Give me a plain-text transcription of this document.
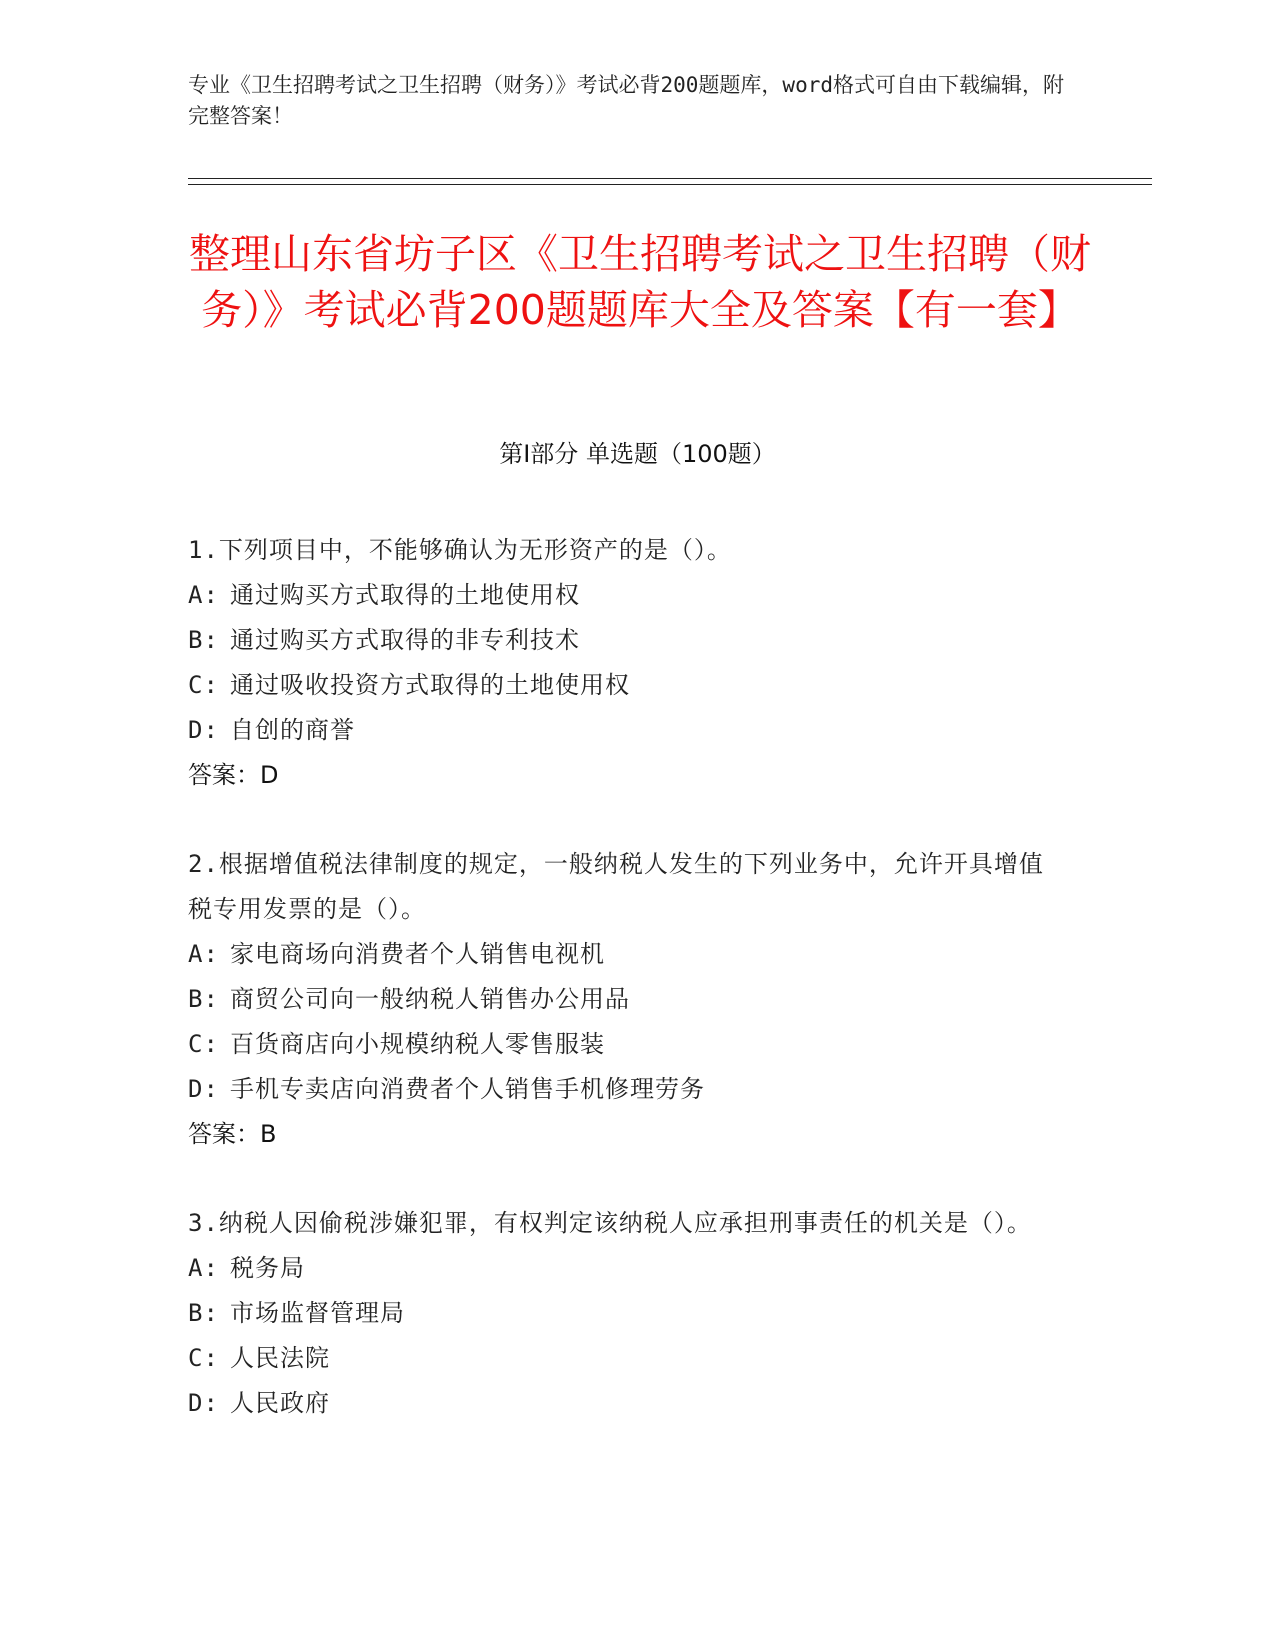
专业《卫生招聘考试之卫生招聘（财务）》考试必背200题题库，word格式可自由下载编辑，附完整答案！
整理山东省坊子区《卫生招聘考试之卫生招聘（财务）》考试必背200题题库大全及答案【有一套】
第Ⅰ部分 单选题（100题）
1.下列项目中，不能够确认为无形资产的是（）。
A: 通过购买方式取得的土地使用权
B: 通过购买方式取得的非专利技术
C: 通过吸收投资方式取得的土地使用权
D: 自创的商誉
答案：D
2.根据增值税法律制度的规定，一般纳税人发生的下列业务中，允许开具增值税专用发票的是（）。
A: 家电商场向消费者个人销售电视机
B: 商贸公司向一般纳税人销售办公用品
C: 百货商店向小规模纳税人零售服装
D: 手机专卖店向消费者个人销售手机修理劳务
答案：B
3.纳税人因偷税涉嫌犯罪，有权判定该纳税人应承担刑事责任的机关是（）。
A: 税务局
B: 市场监督管理局
C: 人民法院
D: 人民政府
